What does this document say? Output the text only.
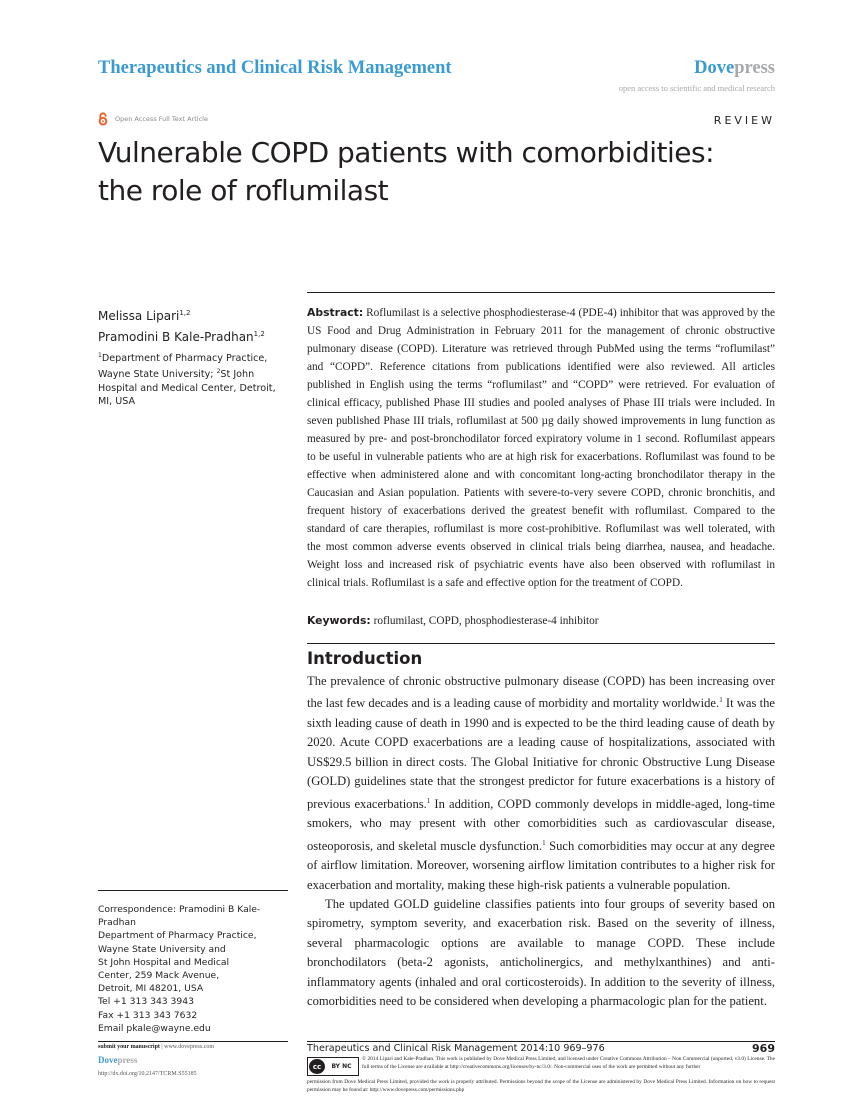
Therapeutics and Clinical Risk Management	Dovepress
open access to scientific and medical research
Open Access Full Text Article	REVIEW
Vulnerable COPD patients with comorbidities:
the role of roflumilast
Melissa Lipari$^{1,2}$
Pramodini B Kale-Pradhan$^{1,2}$
$^1$Department of Pharmacy Practice, Wayne State University; $^2$St John Hospital and Medical Center, Detroit, MI, USA
Correspondence: Pramodini B Kale-Pradhan
Department of Pharmacy Practice,
Wayne State University and
St John Hospital and Medical
Center, 259 Mack Avenue,
Detroit, MI 48201, USA
Tel +1 313 343 3943
Fax +1 313 343 7632
Email pkale@wayne.edu
Abstract: Roflumilast is a selective phosphodiesterase-4 (PDE-4) inhibitor that was approved by the US Food and Drug Administration in February 2011 for the management of chronic obstructive pulmonary disease (COPD). Literature was retrieved through PubMed using the terms “roflumilast” and “COPD”. Reference citations from publications identified were also reviewed. All articles published in English using the terms “roflumilast” and “COPD” were retrieved. For evaluation of clinical efficacy, published Phase III studies and pooled analyses of Phase III trials were included. In seven published Phase III trials, roflumilast at 500 µg daily showed improvements in lung function as measured by pre- and post-bronchodilator forced expiratory volume in 1 second. Roflumilast appears to be useful in vulnerable patients who are at high risk for exacerbations. Roflumilast was found to be effective when administered alone and with concomitant long-acting bronchodilator therapy in the Caucasian and Asian population. Patients with severe-to-very severe COPD, chronic bronchitis, and frequent history of exacerbations derived the greatest benefit with roflumilast. Compared to the standard of care therapies, roflumilast is more cost-prohibitive. Roflumilast was well tolerated, with the most common adverse events observed in clinical trials being diarrhea, nausea, and headache. Weight loss and increased risk of psychiatric events have also been observed with roflumilast in clinical trials. Roflumilast is a safe and effective option for the treatment of COPD.
Keywords: roflumilast, COPD, phosphodiesterase-4 inhibitor
Introduction

The prevalence of chronic obstructive pulmonary disease (COPD) has been increasing over the last few decades and is a leading cause of morbidity and mortality worldwide.$^1$ It was the sixth leading cause of death in 1990 and is expected to be the third leading cause of death by 2020. Acute COPD exacerbations are a leading cause of hospitalizations, associated with US$29.5 billion in direct costs. The Global Initiative for chronic Obstructive Lung Disease (GOLD) guidelines state that the strongest predictor for future exacerbations is a history of previous exacerbations.$^1$ In addition, COPD commonly develops in middle-aged, long-time smokers, who may present with other comorbidities such as cardiovascular disease, osteoporosis, and skeletal muscle dysfunction.$^1$ Such comorbidities may occur at any degree of airflow limitation. Moreover, worsening airflow limitation contributes to a higher risk for exacerbation and mortality, making these high-risk patients a vulnerable population.

The updated GOLD guideline classifies patients into four groups of severity based on spirometry, symptom severity, and exacerbation risk. Based on the severity of illness, several pharmacologic options are available to manage COPD. These include bronchodilators (beta-2 agonists, anticholinergics, and methylxanthines) and anti-inflammatory agents (inhaled and oral corticosteroids). In addition to the severity of illness, comorbidities need to be considered when developing a pharmacologic plan for the patient.

submit your manuscript | www.dovepress.com
Dovepress
http://dx.doi.org/10.2147/TCRM.S55185
Therapeutics and Clinical Risk Management 2014:10 969–976	969
cc	BY NC
© 2014 Lipari and Kale-Pradhan. This work is published by Dove Medical Press Limited, and licensed under Creative Commons Attribution – Non Commercial (unported, v3.0) License. The full terms of the License are available at http://creativecommons.org/licenses/by-nc/3.0/. Non-commercial uses of the work are permitted without any further
permission from Dove Medical Press Limited, provided the work is properly attributed. Permissions beyond the scope of the License are administered by Dove Medical Press Limited. Information on how to request permission may be found at: http://www.dovepress.com/permissions.php
